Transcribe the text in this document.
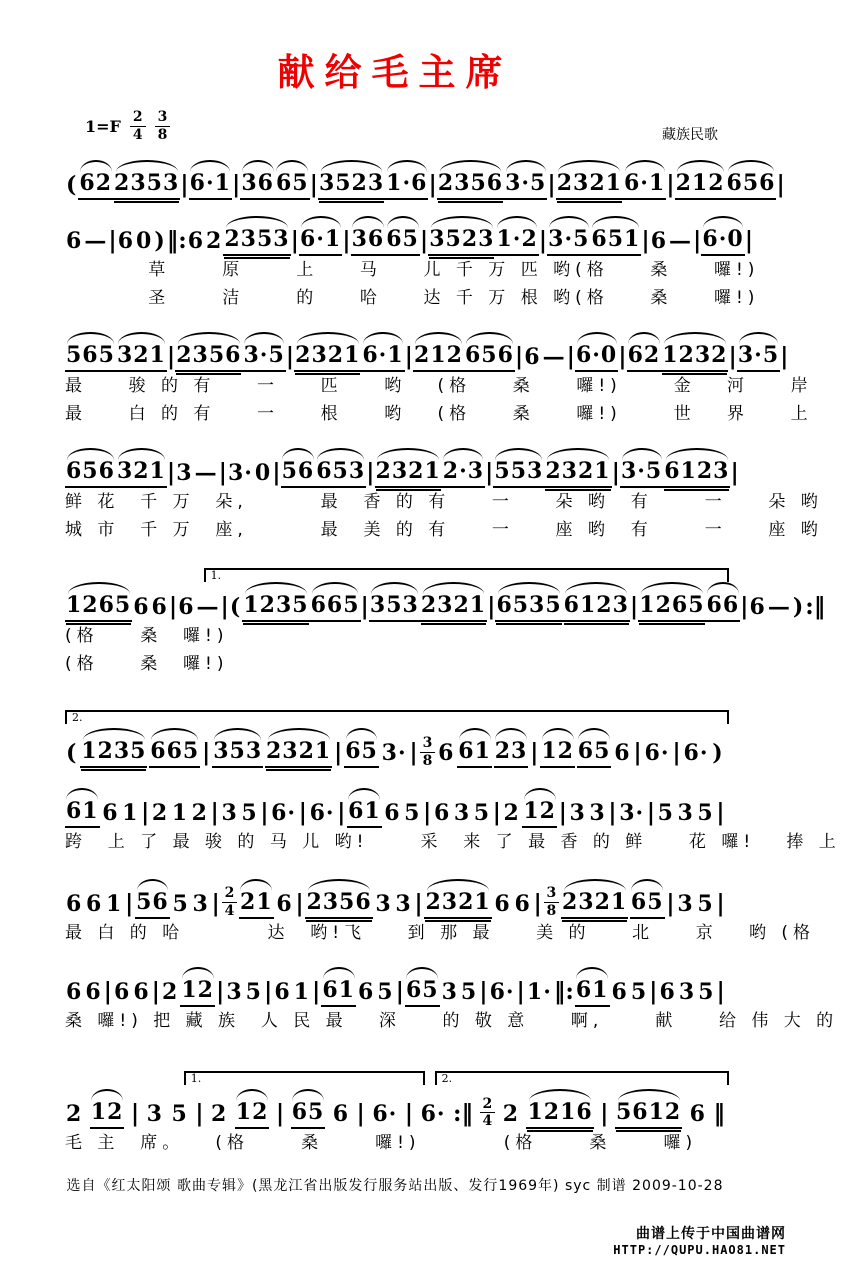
献给毛主席
$1=F \frac{2}{4} \frac{3}{8}$	藏族民歌
( 62 2353 | 6·1 | 36 65 | 3523 1·6 | 2356 3·5 | 2321 6·1 | 212 656 |
6 — | 6 0 ) ‖: 6 2 2353 | 6·1 | 36 65 | 3523 1·2 | 3·5 651 | 6 — | 6·0 |
草     原     上    马    儿 千 万 匹 哟(格    桑    囉!)
圣     洁     的    哈    达 千 万 根 哟(格    桑    囉!)
565 321 | 2356 3·5 | 2321 6·1 | 212 656 | 6 — | 6·0 | 62 1232 | 3·5 |
最    骏 的 有    一    匹    哟   (格    桑    囉!)     金   河    岸
最    白 的 有    一    根    哟   (格    桑    囉!)     世   界    上
656 321 | 3 — | 3· 0 | 56 653 | 2321 2·3 | 553 2321 | 3·5 6123 |
鲜 花  千 万  朵,       最  香 的 有    一    朵 哟  有     一    朵 哟
城 市  千 万  座,       最  美 的 有    一    座 哟  有     一    座 哟
1.
1265 6 6 | 6 — | ( 1235 665 | 353 2321 | 6535 6123 | 1265 66 | 6 — ) :‖
(格    桑  囉!)
(格    桑  囉!)
2.
( 1235 665 | 353 2321 | 65 3· | $\frac{3}{8} 6$ 61 23 | 12 65 6 | 6· | 6· )
61 6 1 | 2 1 2 | 3 5 | 6· | 6· | 61 6 5 | 6 3 5 | 2 12 | 3 3 | 3· | 5 3 5 |
跨  上 了 最 骏 的 马 儿 哟!     采  来 了 最 香 的 鲜    花 囉!   捧 上
6 6 1 | 56 5 3 | $\frac{2}{4} 21$ 6 | 2356 3 3 | 2321 6 6 | $\frac{3}{8} 2321$ 65 | 3 5 |
最 白 的 哈        达  哟!飞    到 那 最    美 的    北    京   哟 (格
6 6 | 6 6 | 2 12 | 3 5 | 6 1 | 61 6 5 | 65 3 5 | 6· | 1· ‖: 61 6 5 | 6 3 5 |
桑 囉!) 把 藏 族  人 民 最   深    的 敬 意    啊,     献    给 伟 大 的
1.	2.
2 12 | 3 5 | 2 12 | 65 6 | 6· | 6· :‖ $\frac{2}{4} 2$ 1216 | 5612 6 ‖
毛 主  席。   (格     桑     囉!)        (格     桑     囉)
选自《红太阳颂 歌曲专辑》(黑龙江省出版发行服务站出版、发行1969年) syc 制谱 2009-10-28
曲谱上传于中国曲谱网
HTTP://QUPU.HAO81.NET
